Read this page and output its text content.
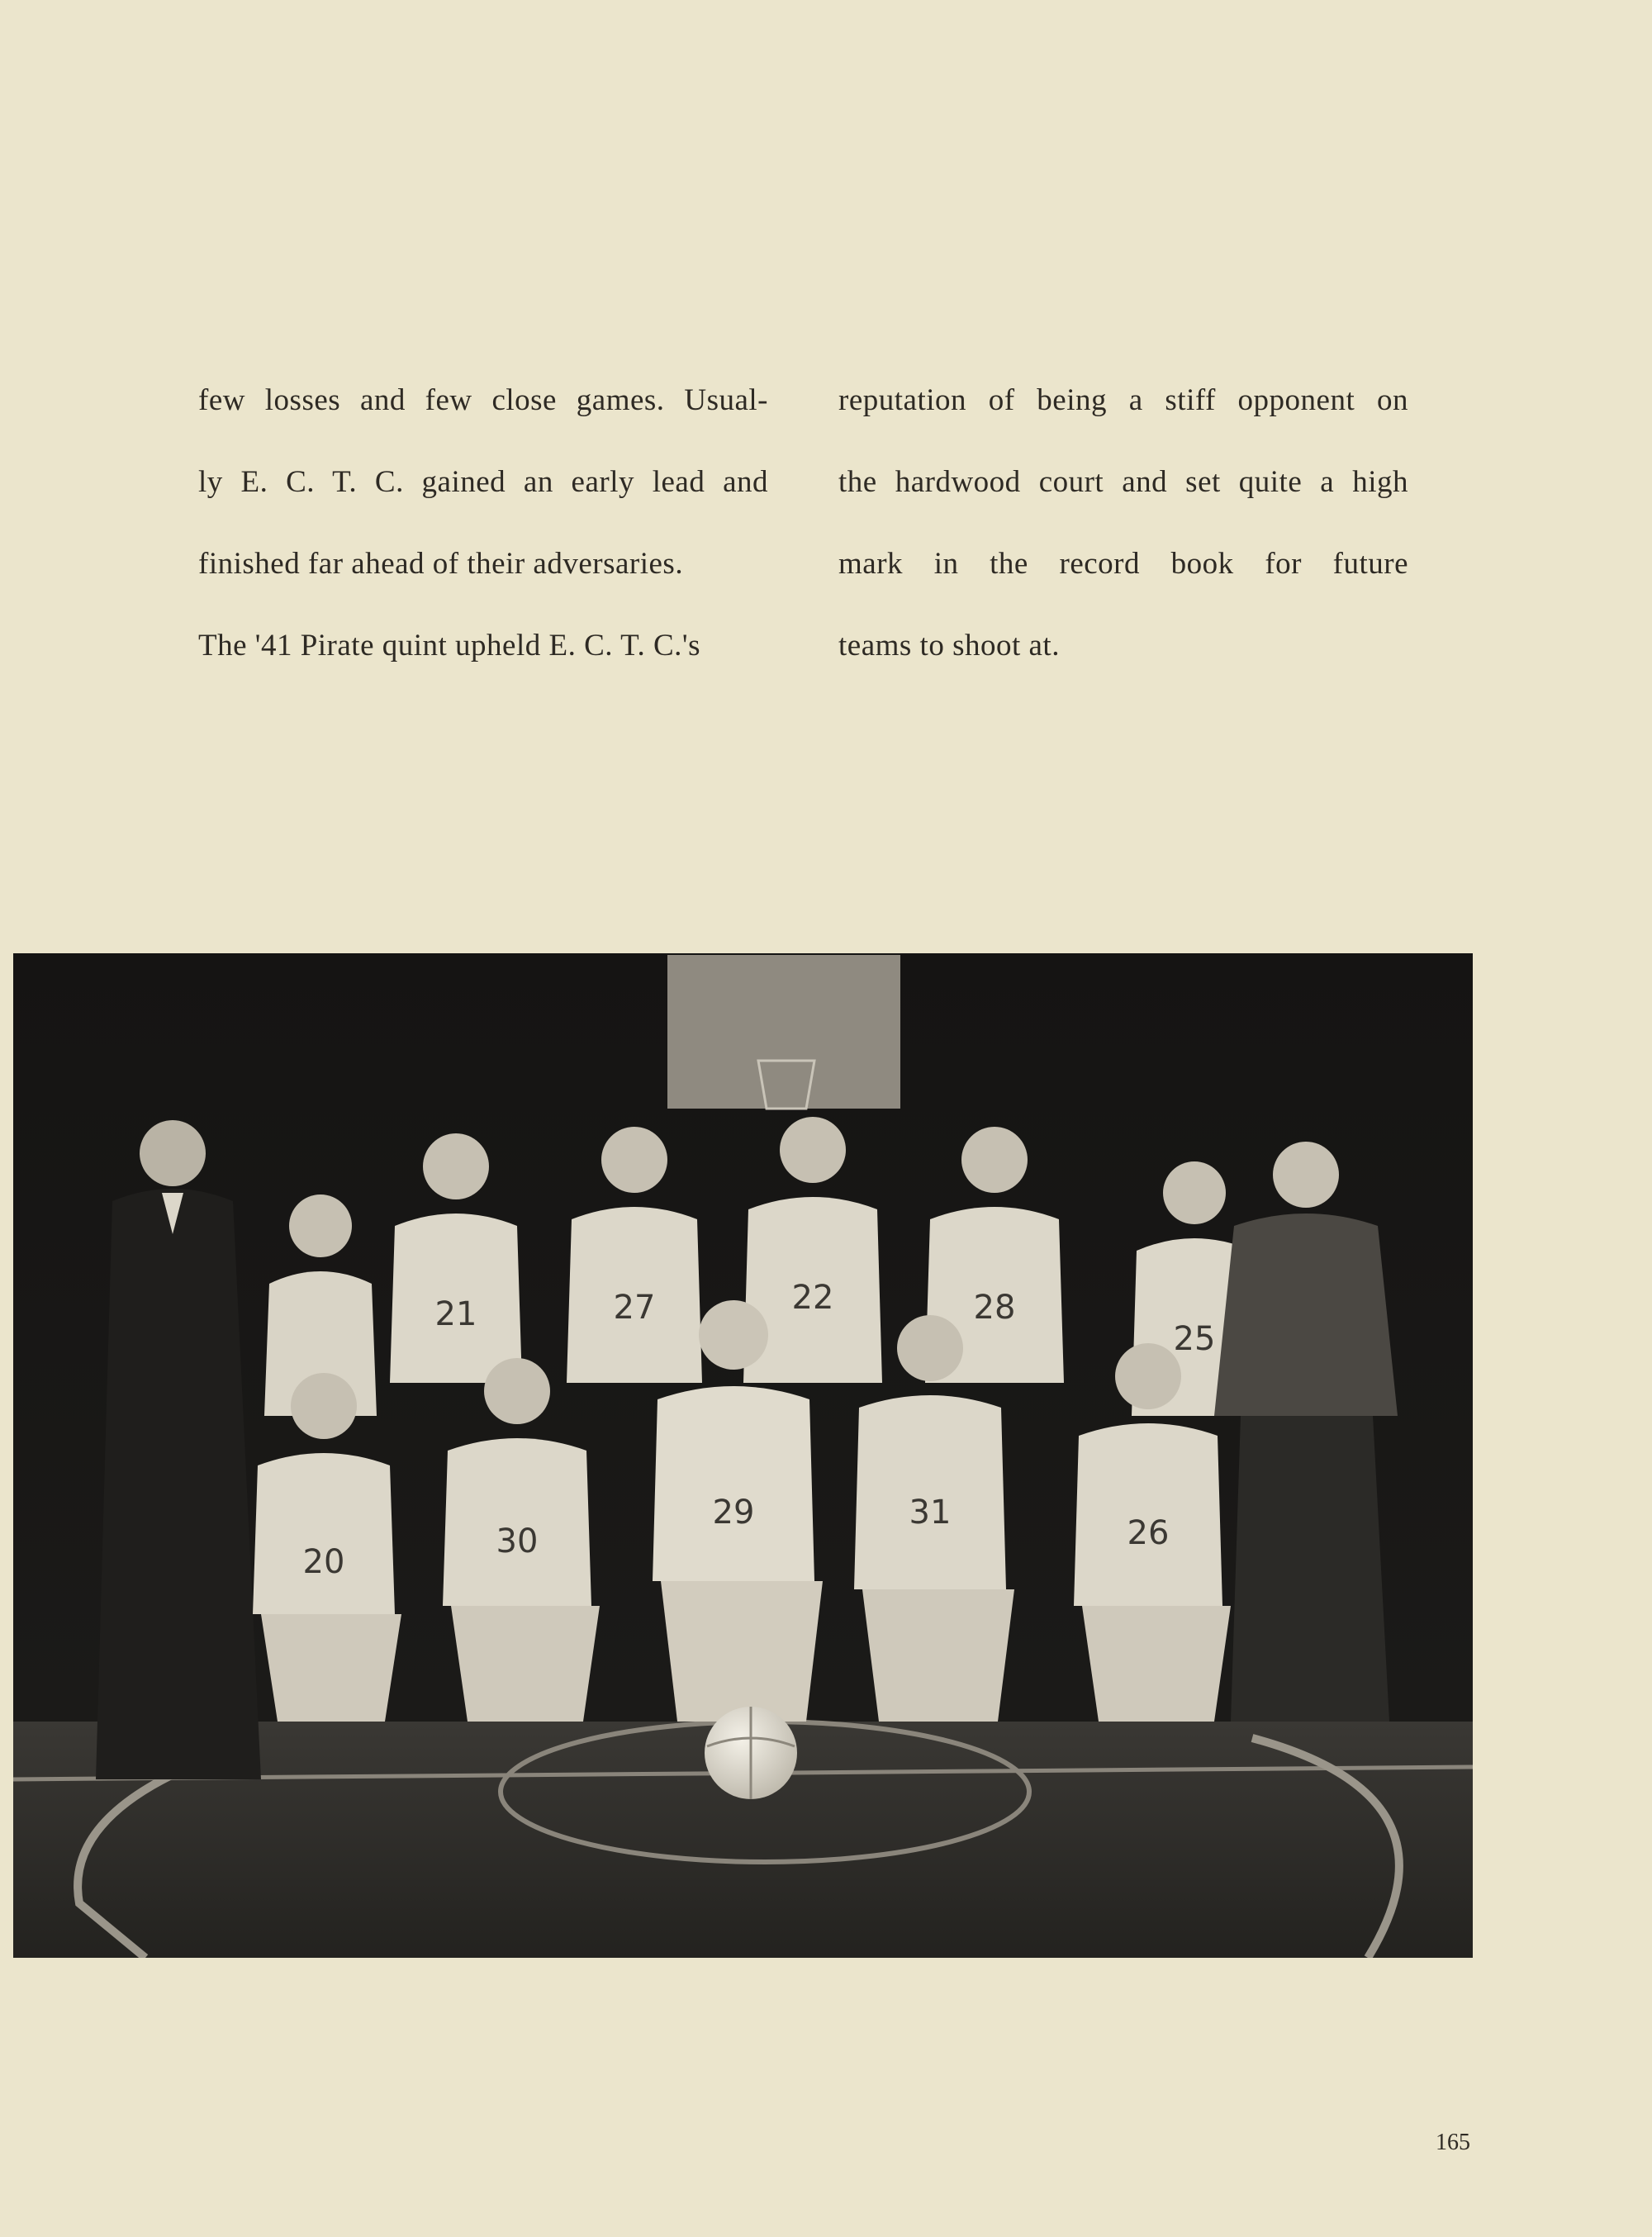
few losses and few close games. Usual-
ly E. C. T. C. gained an early lead and
finished far ahead of their adversaries.
The '41 Pirate quint upheld E. C. T. C.'s
reputation of being a stiff opponent on
the hardwood court and set quite a high
mark in the record book for future
teams to shoot at.
21	27	22	28
25
20
30
29	31
26
165
